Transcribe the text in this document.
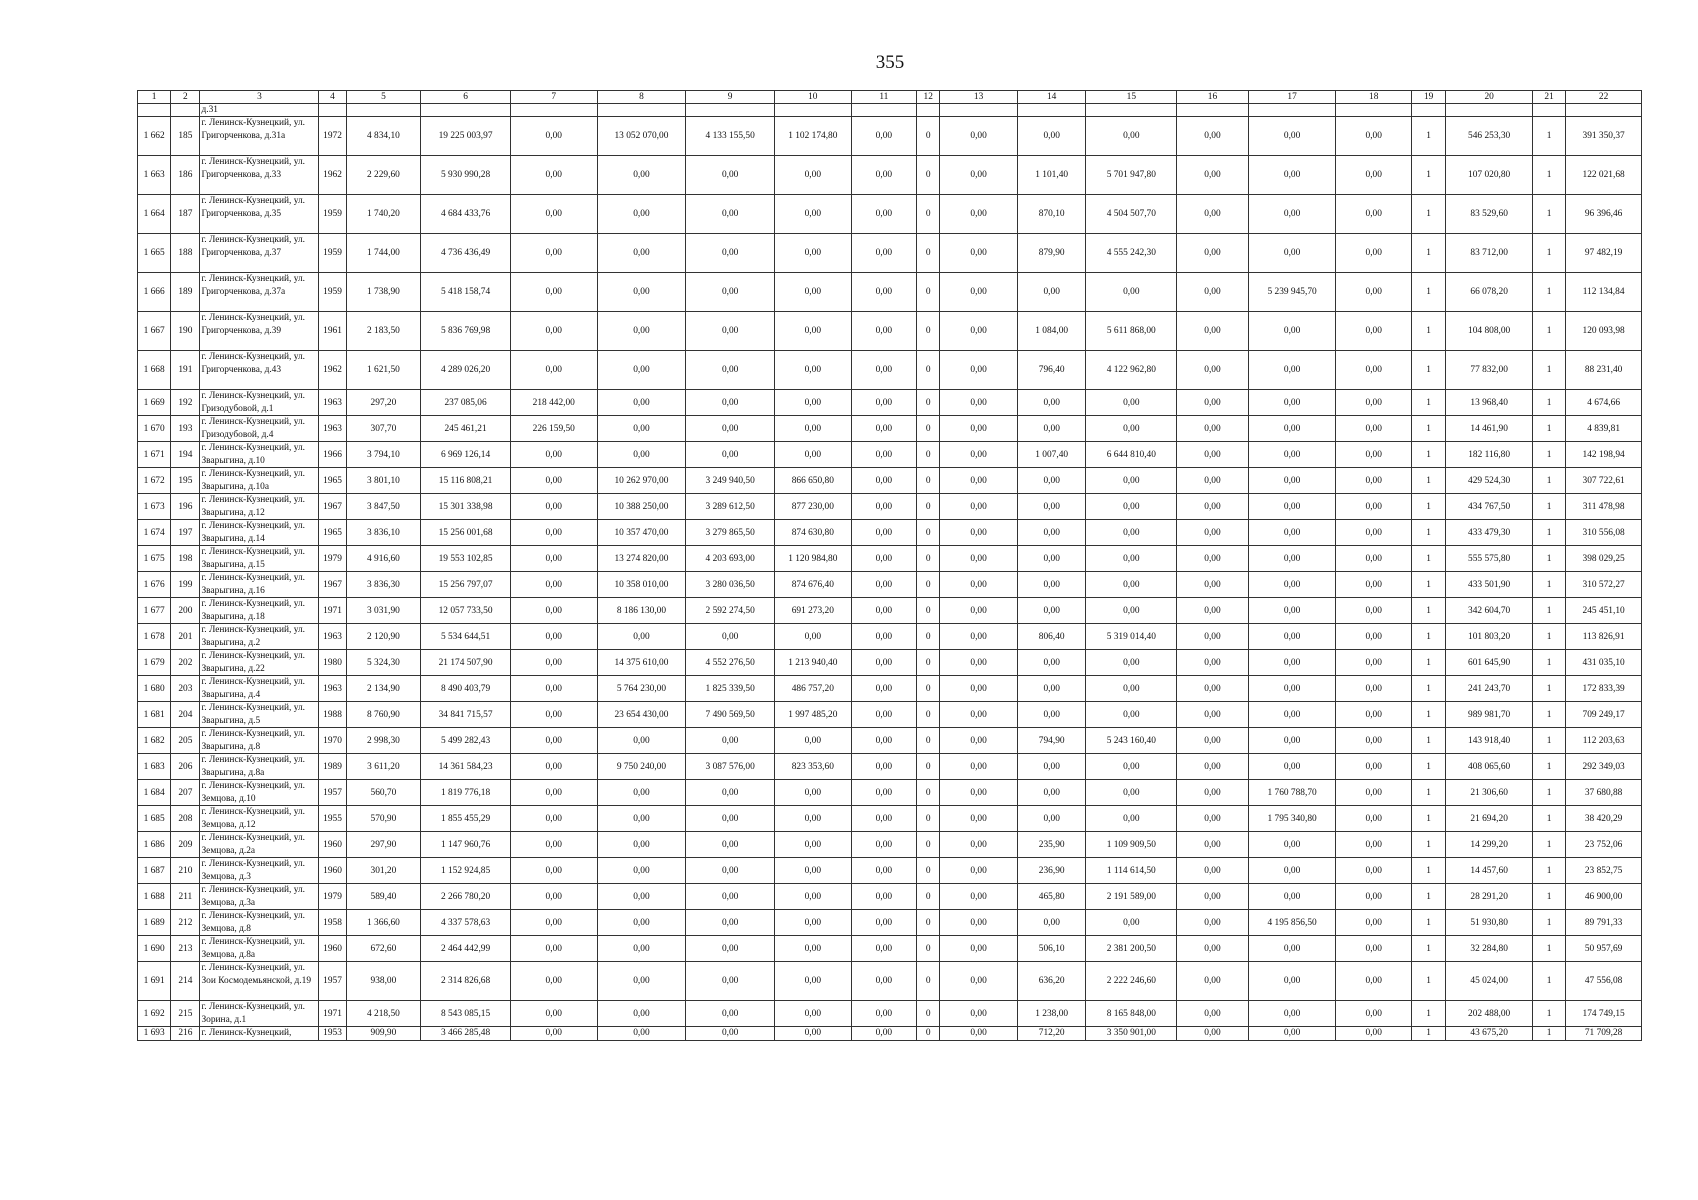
355
1	2	3	4	5	6	7	8	9	10	11	12	13	14	15	16	17	18	19	20	21	22
		д.31																			
1 662	185	г. Ленинск-Кузнецкий, ул. Григорченкова, д.31а	1972	4 834,10	19 225 003,97	0,00	13 052 070,00	4 133 155,50	1 102 174,80	0,00	0	0,00	0,00	0,00	0,00	0,00	0,00	1	546 253,30	1	391 350,37
1 663	186	г. Ленинск-Кузнецкий, ул. Григорченкова, д.33	1962	2 229,60	5 930 990,28	0,00	0,00	0,00	0,00	0,00	0	0,00	1 101,40	5 701 947,80	0,00	0,00	0,00	1	107 020,80	1	122 021,68
1 664	187	г. Ленинск-Кузнецкий, ул. Григорченкова, д.35	1959	1 740,20	4 684 433,76	0,00	0,00	0,00	0,00	0,00	0	0,00	870,10	4 504 507,70	0,00	0,00	0,00	1	83 529,60	1	96 396,46
1 665	188	г. Ленинск-Кузнецкий, ул. Григорченкова, д.37	1959	1 744,00	4 736 436,49	0,00	0,00	0,00	0,00	0,00	0	0,00	879,90	4 555 242,30	0,00	0,00	0,00	1	83 712,00	1	97 482,19
1 666	189	г. Ленинск-Кузнецкий, ул. Григорченкова, д.37а	1959	1 738,90	5 418 158,74	0,00	0,00	0,00	0,00	0,00	0	0,00	0,00	0,00	0,00	5 239 945,70	0,00	1	66 078,20	1	112 134,84
1 667	190	г. Ленинск-Кузнецкий, ул. Григорченкова, д.39	1961	2 183,50	5 836 769,98	0,00	0,00	0,00	0,00	0,00	0	0,00	1 084,00	5 611 868,00	0,00	0,00	0,00	1	104 808,00	1	120 093,98
1 668	191	г. Ленинск-Кузнецкий, ул. Григорченкова, д.43	1962	1 621,50	4 289 026,20	0,00	0,00	0,00	0,00	0,00	0	0,00	796,40	4 122 962,80	0,00	0,00	0,00	1	77 832,00	1	88 231,40
1 669	192	г. Ленинск-Кузнецкий, ул. Гризодубовой, д.1	1963	297,20	237 085,06	218 442,00	0,00	0,00	0,00	0,00	0	0,00	0,00	0,00	0,00	0,00	0,00	1	13 968,40	1	4 674,66
1 670	193	г. Ленинск-Кузнецкий, ул. Гризодубовой, д.4	1963	307,70	245 461,21	226 159,50	0,00	0,00	0,00	0,00	0	0,00	0,00	0,00	0,00	0,00	0,00	1	14 461,90	1	4 839,81
1 671	194	г. Ленинск-Кузнецкий, ул. Зварыгина, д.10	1966	3 794,10	6 969 126,14	0,00	0,00	0,00	0,00	0,00	0	0,00	1 007,40	6 644 810,40	0,00	0,00	0,00	1	182 116,80	1	142 198,94
1 672	195	г. Ленинск-Кузнецкий, ул. Зварыгина, д.10а	1965	3 801,10	15 116 808,21	0,00	10 262 970,00	3 249 940,50	866 650,80	0,00	0	0,00	0,00	0,00	0,00	0,00	0,00	1	429 524,30	1	307 722,61
1 673	196	г. Ленинск-Кузнецкий, ул. Зварыгина, д.12	1967	3 847,50	15 301 338,98	0,00	10 388 250,00	3 289 612,50	877 230,00	0,00	0	0,00	0,00	0,00	0,00	0,00	0,00	1	434 767,50	1	311 478,98
1 674	197	г. Ленинск-Кузнецкий, ул. Зварыгина, д.14	1965	3 836,10	15 256 001,68	0,00	10 357 470,00	3 279 865,50	874 630,80	0,00	0	0,00	0,00	0,00	0,00	0,00	0,00	1	433 479,30	1	310 556,08
1 675	198	г. Ленинск-Кузнецкий, ул. Зварыгина, д.15	1979	4 916,60	19 553 102,85	0,00	13 274 820,00	4 203 693,00	1 120 984,80	0,00	0	0,00	0,00	0,00	0,00	0,00	0,00	1	555 575,80	1	398 029,25
1 676	199	г. Ленинск-Кузнецкий, ул. Зварыгина, д.16	1967	3 836,30	15 256 797,07	0,00	10 358 010,00	3 280 036,50	874 676,40	0,00	0	0,00	0,00	0,00	0,00	0,00	0,00	1	433 501,90	1	310 572,27
1 677	200	г. Ленинск-Кузнецкий, ул. Зварыгина, д.18	1971	3 031,90	12 057 733,50	0,00	8 186 130,00	2 592 274,50	691 273,20	0,00	0	0,00	0,00	0,00	0,00	0,00	0,00	1	342 604,70	1	245 451,10
1 678	201	г. Ленинск-Кузнецкий, ул. Зварыгина, д.2	1963	2 120,90	5 534 644,51	0,00	0,00	0,00	0,00	0,00	0	0,00	806,40	5 319 014,40	0,00	0,00	0,00	1	101 803,20	1	113 826,91
1 679	202	г. Ленинск-Кузнецкий, ул. Зварыгина, д.22	1980	5 324,30	21 174 507,90	0,00	14 375 610,00	4 552 276,50	1 213 940,40	0,00	0	0,00	0,00	0,00	0,00	0,00	0,00	1	601 645,90	1	431 035,10
1 680	203	г. Ленинск-Кузнецкий, ул. Зварыгина, д.4	1963	2 134,90	8 490 403,79	0,00	5 764 230,00	1 825 339,50	486 757,20	0,00	0	0,00	0,00	0,00	0,00	0,00	0,00	1	241 243,70	1	172 833,39
1 681	204	г. Ленинск-Кузнецкий, ул. Зварыгина, д.5	1988	8 760,90	34 841 715,57	0,00	23 654 430,00	7 490 569,50	1 997 485,20	0,00	0	0,00	0,00	0,00	0,00	0,00	0,00	1	989 981,70	1	709 249,17
1 682	205	г. Ленинск-Кузнецкий, ул. Зварыгина, д.8	1970	2 998,30	5 499 282,43	0,00	0,00	0,00	0,00	0,00	0	0,00	794,90	5 243 160,40	0,00	0,00	0,00	1	143 918,40	1	112 203,63
1 683	206	г. Ленинск-Кузнецкий, ул. Зварыгина, д.8а	1989	3 611,20	14 361 584,23	0,00	9 750 240,00	3 087 576,00	823 353,60	0,00	0	0,00	0,00	0,00	0,00	0,00	0,00	1	408 065,60	1	292 349,03
1 684	207	г. Ленинск-Кузнецкий, ул. Земцова, д.10	1957	560,70	1 819 776,18	0,00	0,00	0,00	0,00	0,00	0	0,00	0,00	0,00	0,00	1 760 788,70	0,00	1	21 306,60	1	37 680,88
1 685	208	г. Ленинск-Кузнецкий, ул. Земцова, д.12	1955	570,90	1 855 455,29	0,00	0,00	0,00	0,00	0,00	0	0,00	0,00	0,00	0,00	1 795 340,80	0,00	1	21 694,20	1	38 420,29
1 686	209	г. Ленинск-Кузнецкий, ул. Земцова, д.2а	1960	297,90	1 147 960,76	0,00	0,00	0,00	0,00	0,00	0	0,00	235,90	1 109 909,50	0,00	0,00	0,00	1	14 299,20	1	23 752,06
1 687	210	г. Ленинск-Кузнецкий, ул. Земцова, д.3	1960	301,20	1 152 924,85	0,00	0,00	0,00	0,00	0,00	0	0,00	236,90	1 114 614,50	0,00	0,00	0,00	1	14 457,60	1	23 852,75
1 688	211	г. Ленинск-Кузнецкий, ул. Земцова, д.3а	1979	589,40	2 266 780,20	0,00	0,00	0,00	0,00	0,00	0	0,00	465,80	2 191 589,00	0,00	0,00	0,00	1	28 291,20	1	46 900,00
1 689	212	г. Ленинск-Кузнецкий, ул. Земцова, д.8	1958	1 366,60	4 337 578,63	0,00	0,00	0,00	0,00	0,00	0	0,00	0,00	0,00	0,00	4 195 856,50	0,00	1	51 930,80	1	89 791,33
1 690	213	г. Ленинск-Кузнецкий, ул. Земцова, д.8а	1960	672,60	2 464 442,99	0,00	0,00	0,00	0,00	0,00	0	0,00	506,10	2 381 200,50	0,00	0,00	0,00	1	32 284,80	1	50 957,69
1 691	214	г. Ленинск-Кузнецкий, ул. Зои Космодемьянской, д.19	1957	938,00	2 314 826,68	0,00	0,00	0,00	0,00	0,00	0	0,00	636,20	2 222 246,60	0,00	0,00	0,00	1	45 024,00	1	47 556,08
1 692	215	г. Ленинск-Кузнецкий, ул. Зорина, д.1	1971	4 218,50	8 543 085,15	0,00	0,00	0,00	0,00	0,00	0	0,00	1 238,00	8 165 848,00	0,00	0,00	0,00	1	202 488,00	1	174 749,15
1 693	216	г. Ленинск-Кузнецкий,	1953	909,90	3 466 285,48	0,00	0,00	0,00	0,00	0,00	0	0,00	712,20	3 350 901,00	0,00	0,00	0,00	1	43 675,20	1	71 709,28
